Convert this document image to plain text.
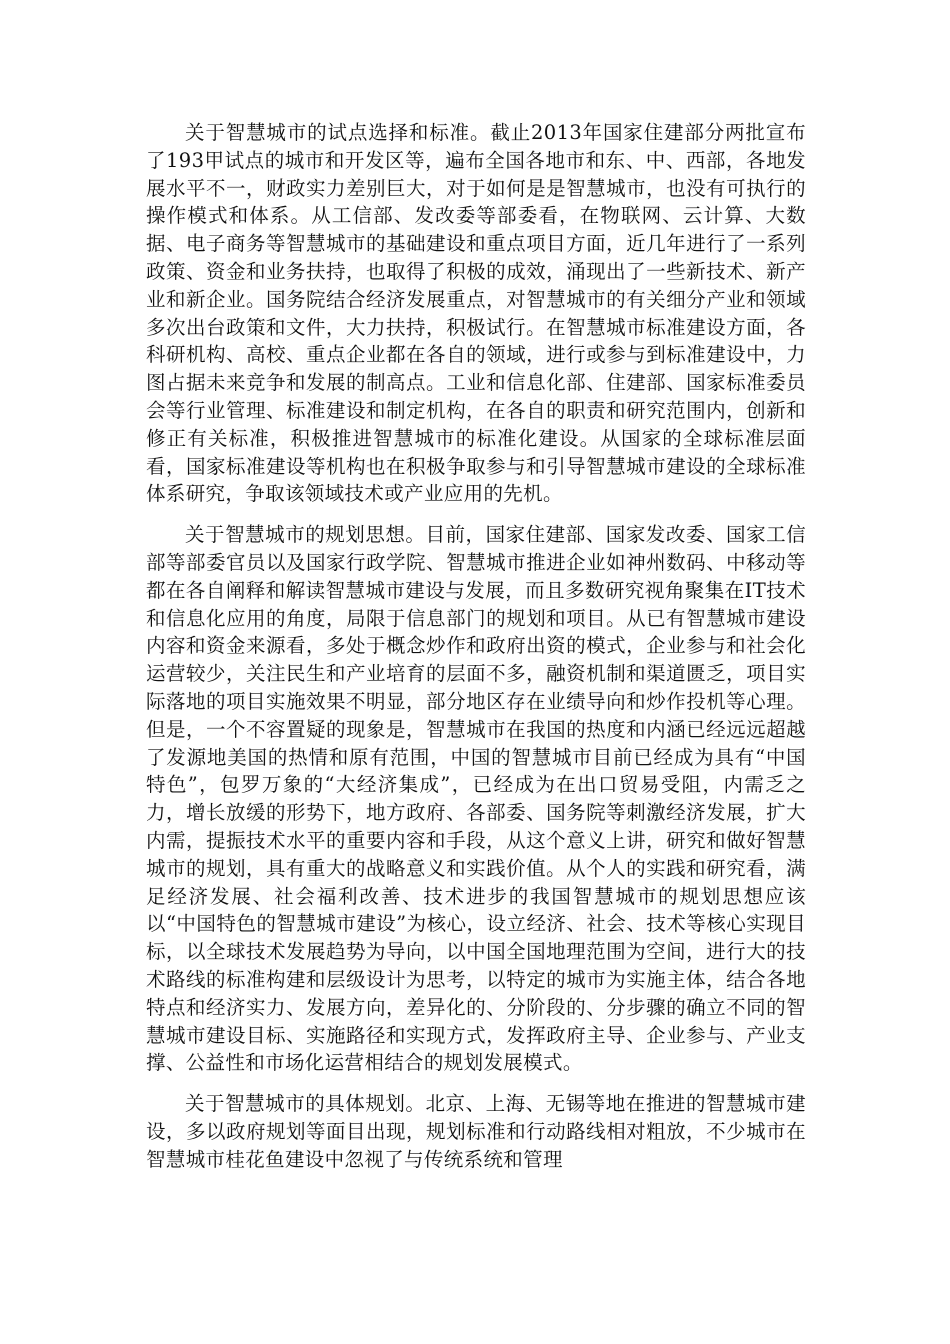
关于智慧城市的试点选择和标准。截止2013年国家住建部分两批宣布了193甲试点的城市和开发区等，遍布全国各地市和东、中、西部，各地发展水平不一，财政实力差别巨大，对于如何是是智慧城市，也没有可执行的操作模式和体系。从工信部、发改委等部委看，在物联网、云计算、大数据、电子商务等智慧城市的基础建设和重点项目方面，近几年进行了一系列政策、资金和业务扶持，也取得了积极的成效，涌现出了一些新技术、新产业和新企业。国务院结合经济发展重点，对智慧城市的有关细分产业和领域多次出台政策和文件，大力扶持，积极试行。在智慧城市标准建设方面，各科研机构、高校、重点企业都在各自的领域，进行或参与到标准建设中，力图占据未来竞争和发展的制高点。工业和信息化部、住建部、国家标准委员会等行业管理、标准建设和制定机构，在各自的职责和研究范围内，创新和修正有关标准，积极推进智慧城市的标准化建设。从国家的全球标准层面看，国家标准建设等机构也在积极争取参与和引导智慧城市建设的全球标准体系研究，争取该领域技术或产业应用的先机。

关于智慧城市的规划思想。目前，国家住建部、国家发改委、国家工信部等部委官员以及国家行政学院、智慧城市推进企业如神州数码、中移动等都在各自阐释和解读智慧城市建设与发展，而且多数研究视角聚集在IT技术和信息化应用的角度，局限于信息部门的规划和项目。从已有智慧城市建设内容和资金来源看，多处于概念炒作和政府出资的模式，企业参与和社会化运营较少，关注民生和产业培育的层面不多，融资机制和渠道匮乏，项目实际落地的项目实施效果不明显，部分地区存在业绩导向和炒作投机等心理。但是，一个不容置疑的现象是，智慧城市在我国的热度和内涵已经远远超越了发源地美国的热情和原有范围，中国的智慧城市目前已经成为具有“中国特色”，包罗万象的“大经济集成”，已经成为在出口贸易受阻，内需乏之力，增长放缓的形势下，地方政府、各部委、国务院等刺激经济发展，扩大内需，提振技术水平的重要内容和手段，从这个意义上讲，研究和做好智慧城市的规划，具有重大的战略意义和实践价值。从个人的实践和研究看，满足经济发展、社会福利改善、技术进步的我国智慧城市的规划思想应该以“中国特色的智慧城市建设”为核心，设立经济、社会、技术等核心实现目标，以全球技术发展趋势为导向，以中国全国地理范围为空间，进行大的技术路线的标准构建和层级设计为思考，以特定的城市为实施主体，结合各地特点和经济实力、发展方向，差异化的、分阶段的、分步骤的确立不同的智慧城市建设目标、实施路径和实现方式，发挥政府主导、企业参与、产业支撑、公益性和市场化运营相结合的规划发展模式。

关于智慧城市的具体规划。北京、上海、无锡等地在推进的智慧城市建设，多以政府规划等面目出现，规划标准和行动路线相对粗放，不少城市在智慧城市桂花鱼建设中忽视了与传统系统和管理
